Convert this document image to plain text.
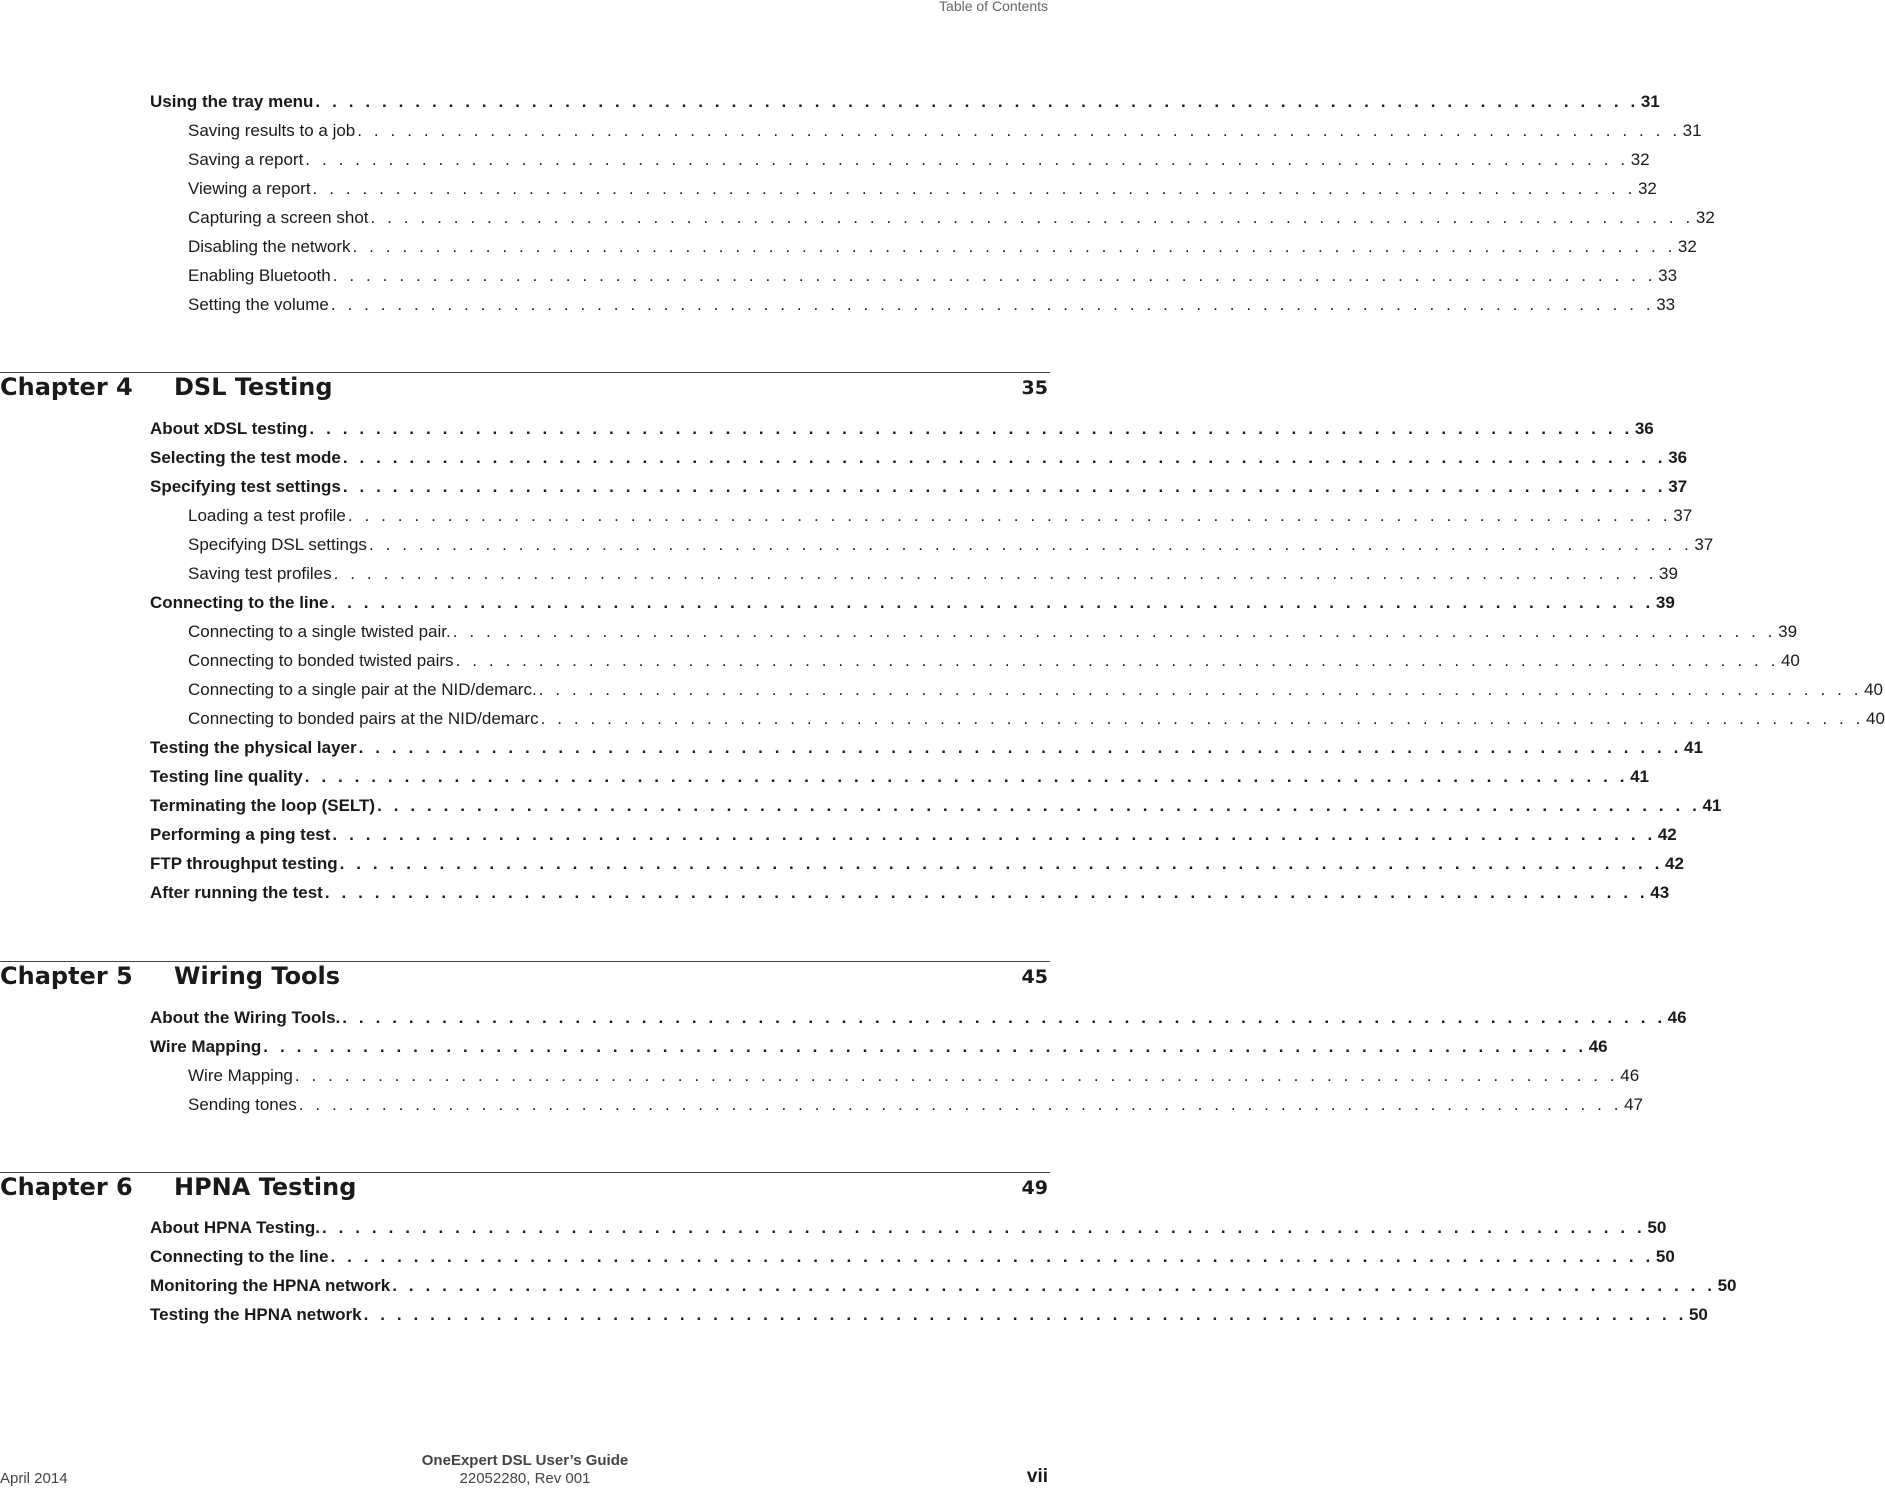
Table of Contents
Using the tray menu . . . . . . . . . . . . . . . . . . . . . . . . . . . . . . . . . . . . . . . . . . . . . . . . . . . . . . . . . . . . . . . . . . . . . . . . . . . . . . . . 31
Saving results to a job . . . . . . . . . . . . . . . . . . . . . . . . . . . . . . . . . . . . . . . . . . . . . . . . . . . . . . . . . . . . . . . . . . . . . . . . . . . . . . . . 31
Saving a report . . . . . . . . . . . . . . . . . . . . . . . . . . . . . . . . . . . . . . . . . . . . . . . . . . . . . . . . . . . . . . . . . . . . . . . . . . . . . . . . 32
Viewing a report . . . . . . . . . . . . . . . . . . . . . . . . . . . . . . . . . . . . . . . . . . . . . . . . . . . . . . . . . . . . . . . . . . . . . . . . . . . . . . . . 32
Capturing a screen shot . . . . . . . . . . . . . . . . . . . . . . . . . . . . . . . . . . . . . . . . . . . . . . . . . . . . . . . . . . . . . . . . . . . . . . . . . . . . . . . . 32
Disabling the network . . . . . . . . . . . . . . . . . . . . . . . . . . . . . . . . . . . . . . . . . . . . . . . . . . . . . . . . . . . . . . . . . . . . . . . . . . . . . . . . 32
Enabling Bluetooth . . . . . . . . . . . . . . . . . . . . . . . . . . . . . . . . . . . . . . . . . . . . . . . . . . . . . . . . . . . . . . . . . . . . . . . . . . . . . . . . 33
Setting the volume . . . . . . . . . . . . . . . . . . . . . . . . . . . . . . . . . . . . . . . . . . . . . . . . . . . . . . . . . . . . . . . . . . . . . . . . . . . . . . . . 33
Chapter 4 DSL Testing	35
About xDSL testing . . . . . . . . . . . . . . . . . . . . . . . . . . . . . . . . . . . . . . . . . . . . . . . . . . . . . . . . . . . . . . . . . . . . . . . . . . . . . . . . 36
Selecting the test mode . . . . . . . . . . . . . . . . . . . . . . . . . . . . . . . . . . . . . . . . . . . . . . . . . . . . . . . . . . . . . . . . . . . . . . . . . . . . . . . . 36
Specifying test settings . . . . . . . . . . . . . . . . . . . . . . . . . . . . . . . . . . . . . . . . . . . . . . . . . . . . . . . . . . . . . . . . . . . . . . . . . . . . . . . . 37
Loading a test profile . . . . . . . . . . . . . . . . . . . . . . . . . . . . . . . . . . . . . . . . . . . . . . . . . . . . . . . . . . . . . . . . . . . . . . . . . . . . . . . . 37
Specifying DSL settings . . . . . . . . . . . . . . . . . . . . . . . . . . . . . . . . . . . . . . . . . . . . . . . . . . . . . . . . . . . . . . . . . . . . . . . . . . . . . . . . 37
Saving test profiles . . . . . . . . . . . . . . . . . . . . . . . . . . . . . . . . . . . . . . . . . . . . . . . . . . . . . . . . . . . . . . . . . . . . . . . . . . . . . . . . 39
Connecting to the line . . . . . . . . . . . . . . . . . . . . . . . . . . . . . . . . . . . . . . . . . . . . . . . . . . . . . . . . . . . . . . . . . . . . . . . . . . . . . . . . 39
Connecting to a single twisted pair. . . . . . . . . . . . . . . . . . . . . . . . . . . . . . . . . . . . . . . . . . . . . . . . . . . . . . . . . . . . . . . . . . . . . . . . . . . . . . . . . 39
Connecting to bonded twisted pairs . . . . . . . . . . . . . . . . . . . . . . . . . . . . . . . . . . . . . . . . . . . . . . . . . . . . . . . . . . . . . . . . . . . . . . . . . . . . . . . . 40
Connecting to a single pair at the NID/demarc. . . . . . . . . . . . . . . . . . . . . . . . . . . . . . . . . . . . . . . . . . . . . . . . . . . . . . . . . . . . . . . . . . . . . . . . . . . . . . . . . 40
Connecting to bonded pairs at the NID/demarc . . . . . . . . . . . . . . . . . . . . . . . . . . . . . . . . . . . . . . . . . . . . . . . . . . . . . . . . . . . . . . . . . . . . . . . . . . . . . . . . 40
Testing the physical layer . . . . . . . . . . . . . . . . . . . . . . . . . . . . . . . . . . . . . . . . . . . . . . . . . . . . . . . . . . . . . . . . . . . . . . . . . . . . . . . . 41
Testing line quality . . . . . . . . . . . . . . . . . . . . . . . . . . . . . . . . . . . . . . . . . . . . . . . . . . . . . . . . . . . . . . . . . . . . . . . . . . . . . . . . 41
Terminating the loop (SELT) . . . . . . . . . . . . . . . . . . . . . . . . . . . . . . . . . . . . . . . . . . . . . . . . . . . . . . . . . . . . . . . . . . . . . . . . . . . . . . . . 41
Performing a ping test . . . . . . . . . . . . . . . . . . . . . . . . . . . . . . . . . . . . . . . . . . . . . . . . . . . . . . . . . . . . . . . . . . . . . . . . . . . . . . . . 42
FTP throughput testing . . . . . . . . . . . . . . . . . . . . . . . . . . . . . . . . . . . . . . . . . . . . . . . . . . . . . . . . . . . . . . . . . . . . . . . . . . . . . . . . 42
After running the test . . . . . . . . . . . . . . . . . . . . . . . . . . . . . . . . . . . . . . . . . . . . . . . . . . . . . . . . . . . . . . . . . . . . . . . . . . . . . . . . 43
Chapter 5 Wiring Tools	45
About the Wiring Tools. . . . . . . . . . . . . . . . . . . . . . . . . . . . . . . . . . . . . . . . . . . . . . . . . . . . . . . . . . . . . . . . . . . . . . . . . . . . . . . . . 46
Wire Mapping . . . . . . . . . . . . . . . . . . . . . . . . . . . . . . . . . . . . . . . . . . . . . . . . . . . . . . . . . . . . . . . . . . . . . . . . . . . . . . . . 46
Wire Mapping . . . . . . . . . . . . . . . . . . . . . . . . . . . . . . . . . . . . . . . . . . . . . . . . . . . . . . . . . . . . . . . . . . . . . . . . . . . . . . . . 46
Sending tones . . . . . . . . . . . . . . . . . . . . . . . . . . . . . . . . . . . . . . . . . . . . . . . . . . . . . . . . . . . . . . . . . . . . . . . . . . . . . . . . 47
Chapter 6 HPNA Testing	49
About HPNA Testing. . . . . . . . . . . . . . . . . . . . . . . . . . . . . . . . . . . . . . . . . . . . . . . . . . . . . . . . . . . . . . . . . . . . . . . . . . . . . . . . . 50
Connecting to the line . . . . . . . . . . . . . . . . . . . . . . . . . . . . . . . . . . . . . . . . . . . . . . . . . . . . . . . . . . . . . . . . . . . . . . . . . . . . . . . . 50
Monitoring the HPNA network . . . . . . . . . . . . . . . . . . . . . . . . . . . . . . . . . . . . . . . . . . . . . . . . . . . . . . . . . . . . . . . . . . . . . . . . . . . . . . . . 50
Testing the HPNA network . . . . . . . . . . . . . . . . . . . . . . . . . . . . . . . . . . . . . . . . . . . . . . . . . . . . . . . . . . . . . . . . . . . . . . . . . . . . . . . . 50
OneExpert DSL User’s Guide
April 2014	22052280, Rev 001	vii
